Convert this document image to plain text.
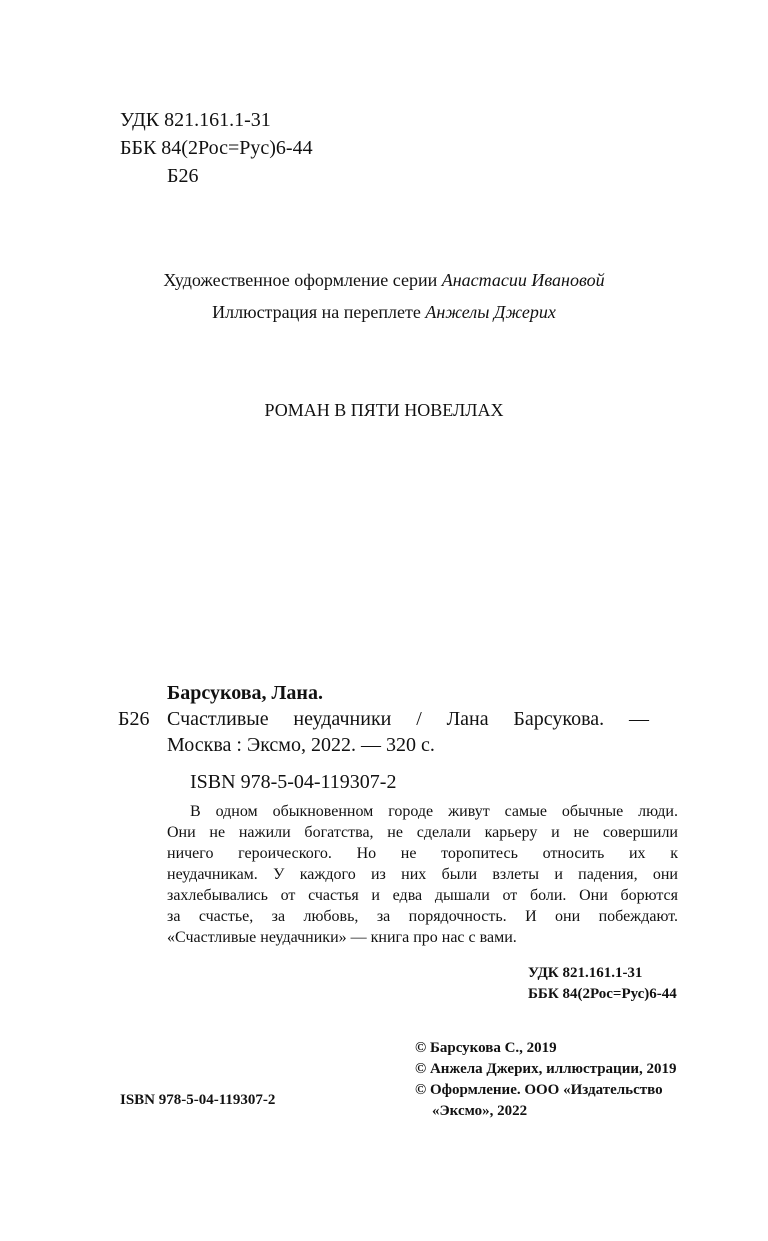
УДК 821.161.1-31
ББК 84(2Рос=Рус)6-44
Б26
Художественное оформление серии Анастасии Ивановой
Иллюстрация на переплете Анжелы Джерих
РОМАН В ПЯТИ НОВЕЛЛАХ
Барсукова, Лана.
Б26 Счастливые неудачники / Лана Барсукова. —
Москва : Эксмо, 2022. — 320 с.
ISBN 978-5-04-119307-2
В одном обыкновенном городе живут самые обычные люди.
Они не нажили богатства, не сделали карьеру и не совершили
ничего героического. Но не торопитесь относить их к
неудачникам. У каждого из них были взлеты и падения, они
захлебывались от счастья и едва дышали от боли. Они борются
за счастье, за любовь, за порядочность. И они побеждают.
«Счастливые неудачники» — книга про нас с вами.
УДК 821.161.1-31
ББК 84(2Рос=Рус)6-44
© Барсукова С., 2019
© Анжела Джерих, иллюстрации, 2019
© Оформление. ООО «Издательство
«Эксмо», 2022
ISBN 978-5-04-119307-2
